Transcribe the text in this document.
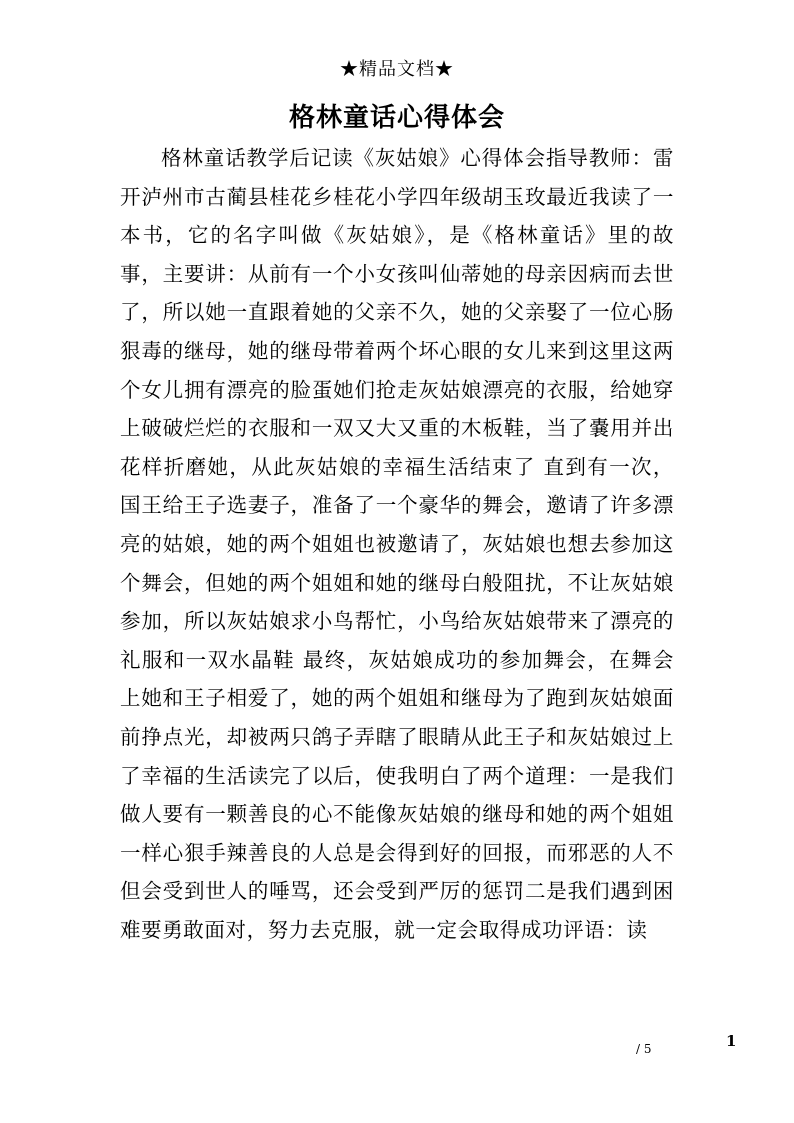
★精品文档★
格林童话心得体会

格林童话教学后记读《灰姑娘》心得体会指导教师：雷开泸州市古蔺县桂花乡桂花小学四年级胡玉玫最近我读了一本书，它的名字叫做《灰姑娘》，是《格林童话》里的故事，主要讲：从前有一个小女孩叫仙蒂她的母亲因病而去世了，所以她一直跟着她的父亲不久，她的父亲娶了一位心肠狠毒的继母，她的继母带着两个坏心眼的女儿来到这里这两个女儿拥有漂亮的脸蛋她们抢走灰姑娘漂亮的衣服，给她穿上破破烂烂的衣服和一双又大又重的木板鞋，当了嚢用并出花样折磨她，从此灰姑娘的幸福生活结束了 直到有一次，国王给王子选妻子，准备了一个豪华的舞会，邀请了许多漂亮的姑娘，她的两个姐姐也被邀请了，灰姑娘也想去参加这个舞会，但她的两个姐姐和她的继母白般阻扰，不让灰姑娘参加，所以灰姑娘求小鸟帮忙，小鸟给灰姑娘带来了漂亮的礼服和一双水晶鞋 最终，灰姑娘成功的参加舞会，在舞会上她和王子相爱了，她的两个姐姐和继母为了跑到灰姑娘面前挣点光，却被两只鸽子弄瞎了眼睛从此王子和灰姑娘过上了幸福的生活读完了以后，使我明白了两个道理：一是我们做人要有一颗善良的心不能像灰姑娘的继母和她的两个姐姐一样心狠手辣善良的人总是会得到好的回报，而邪恶的人不但会受到世人的唾骂，还会受到严厉的惩罚二是我们遇到困难要勇敢面对，努力去克服，就一定会取得成功评语：读

1
/ 5
